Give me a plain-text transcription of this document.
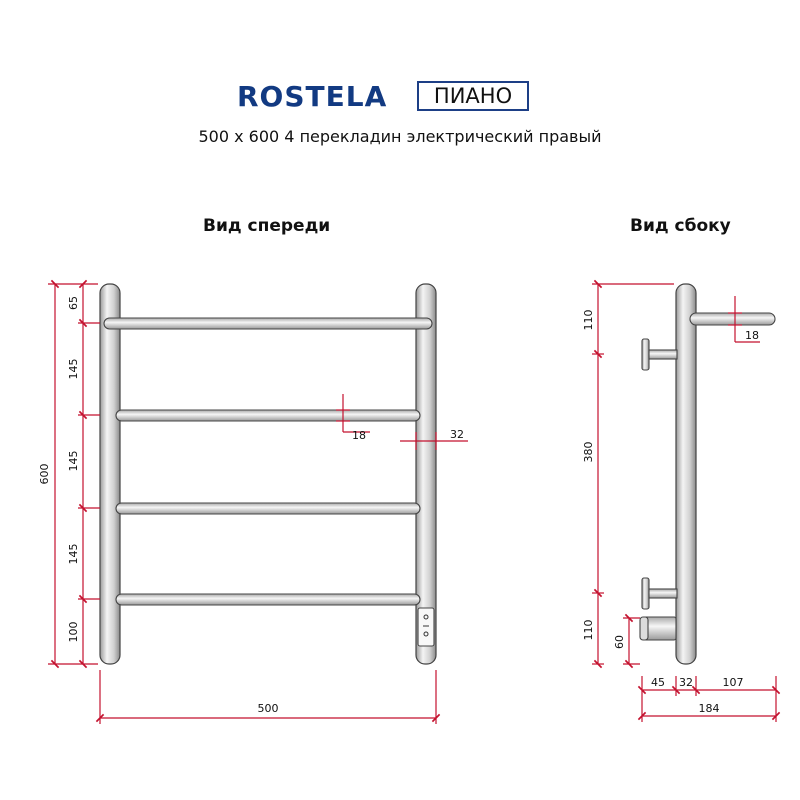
ROSTELA	ПИАНО
500 x 600 4 перекладин электрический правый
Вид спереди	Вид сбоку
600
65
145
145
145
100
18	32
500
110
380
110
60
18
45 32	107
184
